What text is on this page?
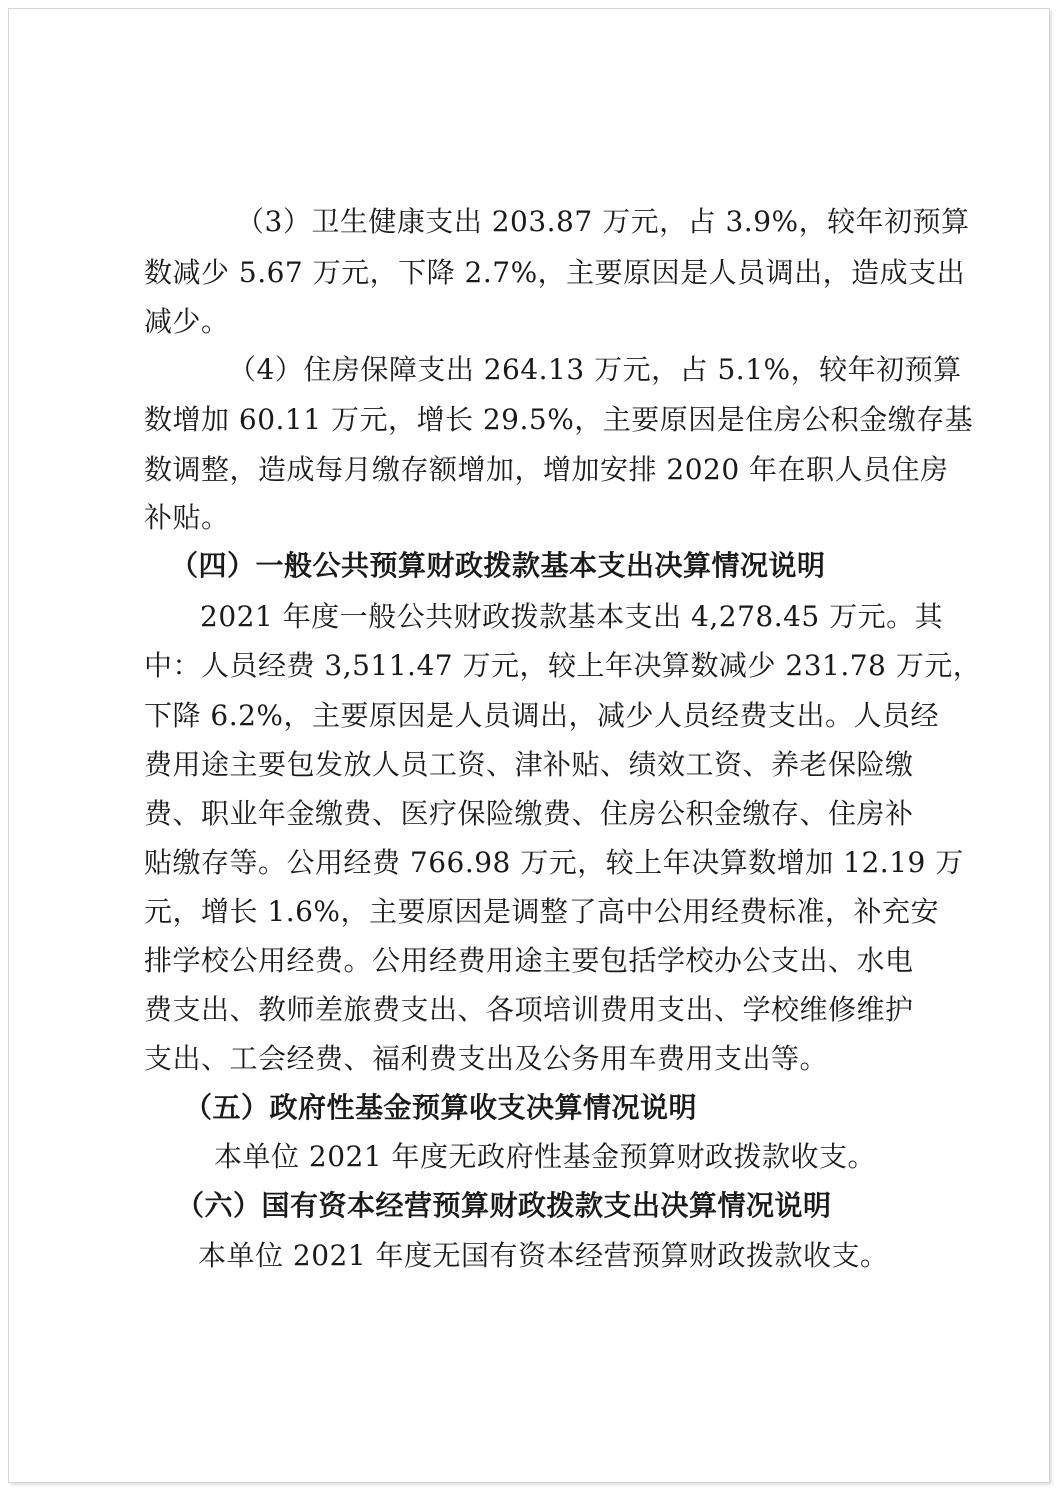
（3）卫生健康支出 203.87 万元，占 3.9%，较年初预算
数减少 5.67 万元，下降 2.7%，主要原因是人员调出，造成支出
减少。
（4）住房保障支出 264.13 万元，占 5.1%，较年初预算
数增加 60.11 万元，增长 29.5%，主要原因是住房公积金缴存基
数调整，造成每月缴存额增加，增加安排 2020 年在职人员住房
补贴。
（四）一般公共预算财政拨款基本支出决算情况说明
2021 年度一般公共财政拨款基本支出 4,278.45 万元。其
中：人员经费 3,511.47 万元，较上年决算数减少 231.78 万元，
下降 6.2%，主要原因是人员调出，减少人员经费支出。人员经
费用途主要包发放人员工资、津补贴、绩效工资、养老保险缴
费、职业年金缴费、医疗保险缴费、住房公积金缴存、住房补
贴缴存等。公用经费 766.98 万元，较上年决算数增加 12.19 万
元，增长 1.6%，主要原因是调整了高中公用经费标准，补充安
排学校公用经费。公用经费用途主要包括学校办公支出、水电
费支出、教师差旅费支出、各项培训费用支出、学校维修维护
支出、工会经费、福利费支出及公务用车费用支出等。
（五）政府性基金预算收支决算情况说明
本单位 2021 年度无政府性基金预算财政拨款收支。
（六）国有资本经营预算财政拨款支出决算情况说明
本单位 2021 年度无国有资本经营预算财政拨款收支。
